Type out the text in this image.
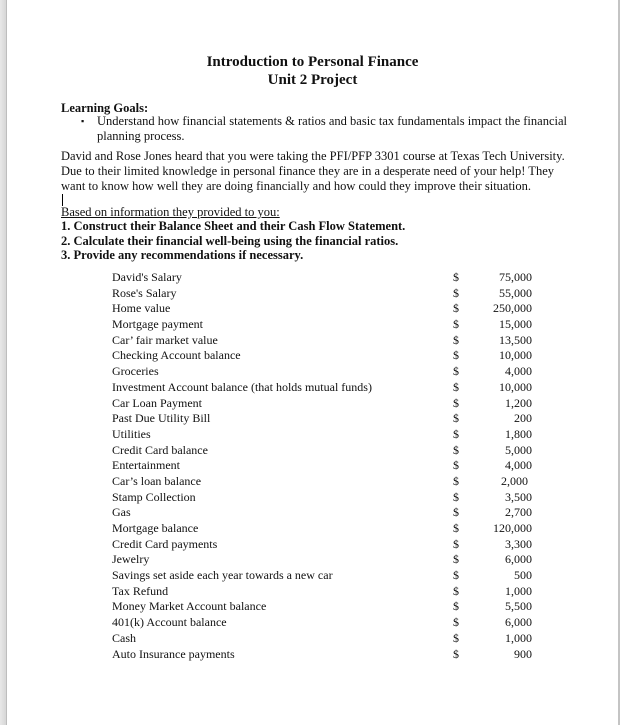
Introduction to Personal Finance
Unit 2 Project
Learning Goals:
▪	Understand how financial statements & ratios and basic tax fundamentals impact the financial planning process.
David and Rose Jones heard that you were taking the PFI/PFP 3301 course at Texas Tech University. Due to their limited knowledge in personal finance they are in a desperate need of your help! They want to know how well they are doing financially and how could they improve their situation.
Based on information they provided to you:
1. Construct their Balance Sheet and their Cash Flow Statement.
2. Calculate their financial well-being using the financial ratios.
3. Provide any recommendations if necessary.
David's Salary	$	75,000
Rose's Salary	$	55,000
Home value	$	250,000
Mortgage payment	$	15,000
Car’ fair market value	$	13,500
Checking Account balance	$	10,000
Groceries	$	4,000
Investment Account balance (that holds mutual funds)	$	10,000
Car Loan Payment	$	1,200
Past Due Utility Bill	$	200
Utilities	$	1,800
Credit Card balance	$	5,000
Entertainment	$	4,000
Car’s loan balance	$	2,000
Stamp Collection	$	3,500
Gas	$	2,700
Mortgage balance	$	120,000
Credit Card payments	$	3,300
Jewelry	$	6,000
Savings set aside each year towards a new car	$	500
Tax Refund	$	1,000
Money Market Account balance	$	5,500
401(k) Account balance	$	6,000
Cash	$	1,000
Auto Insurance payments	$	900
